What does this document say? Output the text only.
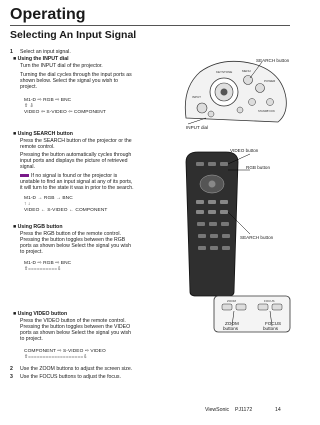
Operating
Selecting An Input Signal
1 Select an input signal.
■ Using the INPUT dial
Turn the INPUT dial of the projector.
Turning the dial cycles through the input ports as
shown below. Select the signal you wish to
project.
M1-D ⇨ RGB ⇨ BNC
⇧ ⇩
VIDEO ⇦ S-VIDEO ⇦ COMPONENT
KEYSTONE	MENU
INPUT
POWER
STANDBY/ON
SEARCH button
INPUT dial
■ Using SEARCH button
Press the SEARCH button of the projector or the
remote control.
Pressing the button automatically cycles through
input ports and displays the picture of retrieved
signal.
If no signal is found or the projector is
unstable to find an input signal at any of its ports,
it will turn to the state it was in prior to the search.
M1-D → RGB → BNC
↑ ↓
VIDEO ← S-VIDEO ← COMPONENT
VIDEO button
RGB button
SEARCH button
■ Using RGB button
Press the RGB button of the remote control.
Pressing the button toggles between the RGB
ports as shown below Select the signal you wish
to project.
M1-D ⇨ RGB ⇨ BNC
⇧==========⇩
ZOOM	FOCUS
ZOOM
buttons
FOCUS
buttons
■ Using VIDEO button
Press the VIDEO button of the remote control.
Pressing the button toggles between the VIDEO
ports as shown below Select the signal you wish
to project.
COMPONENT ⇨ S-VIDEO ⇨ VIDEO
⇧===================⇩
2 Use the ZOOM buttons to adjust the screen size.
3 Use the FOCUS buttons to adjust the focus.
ViewSonic PJ1172	14
